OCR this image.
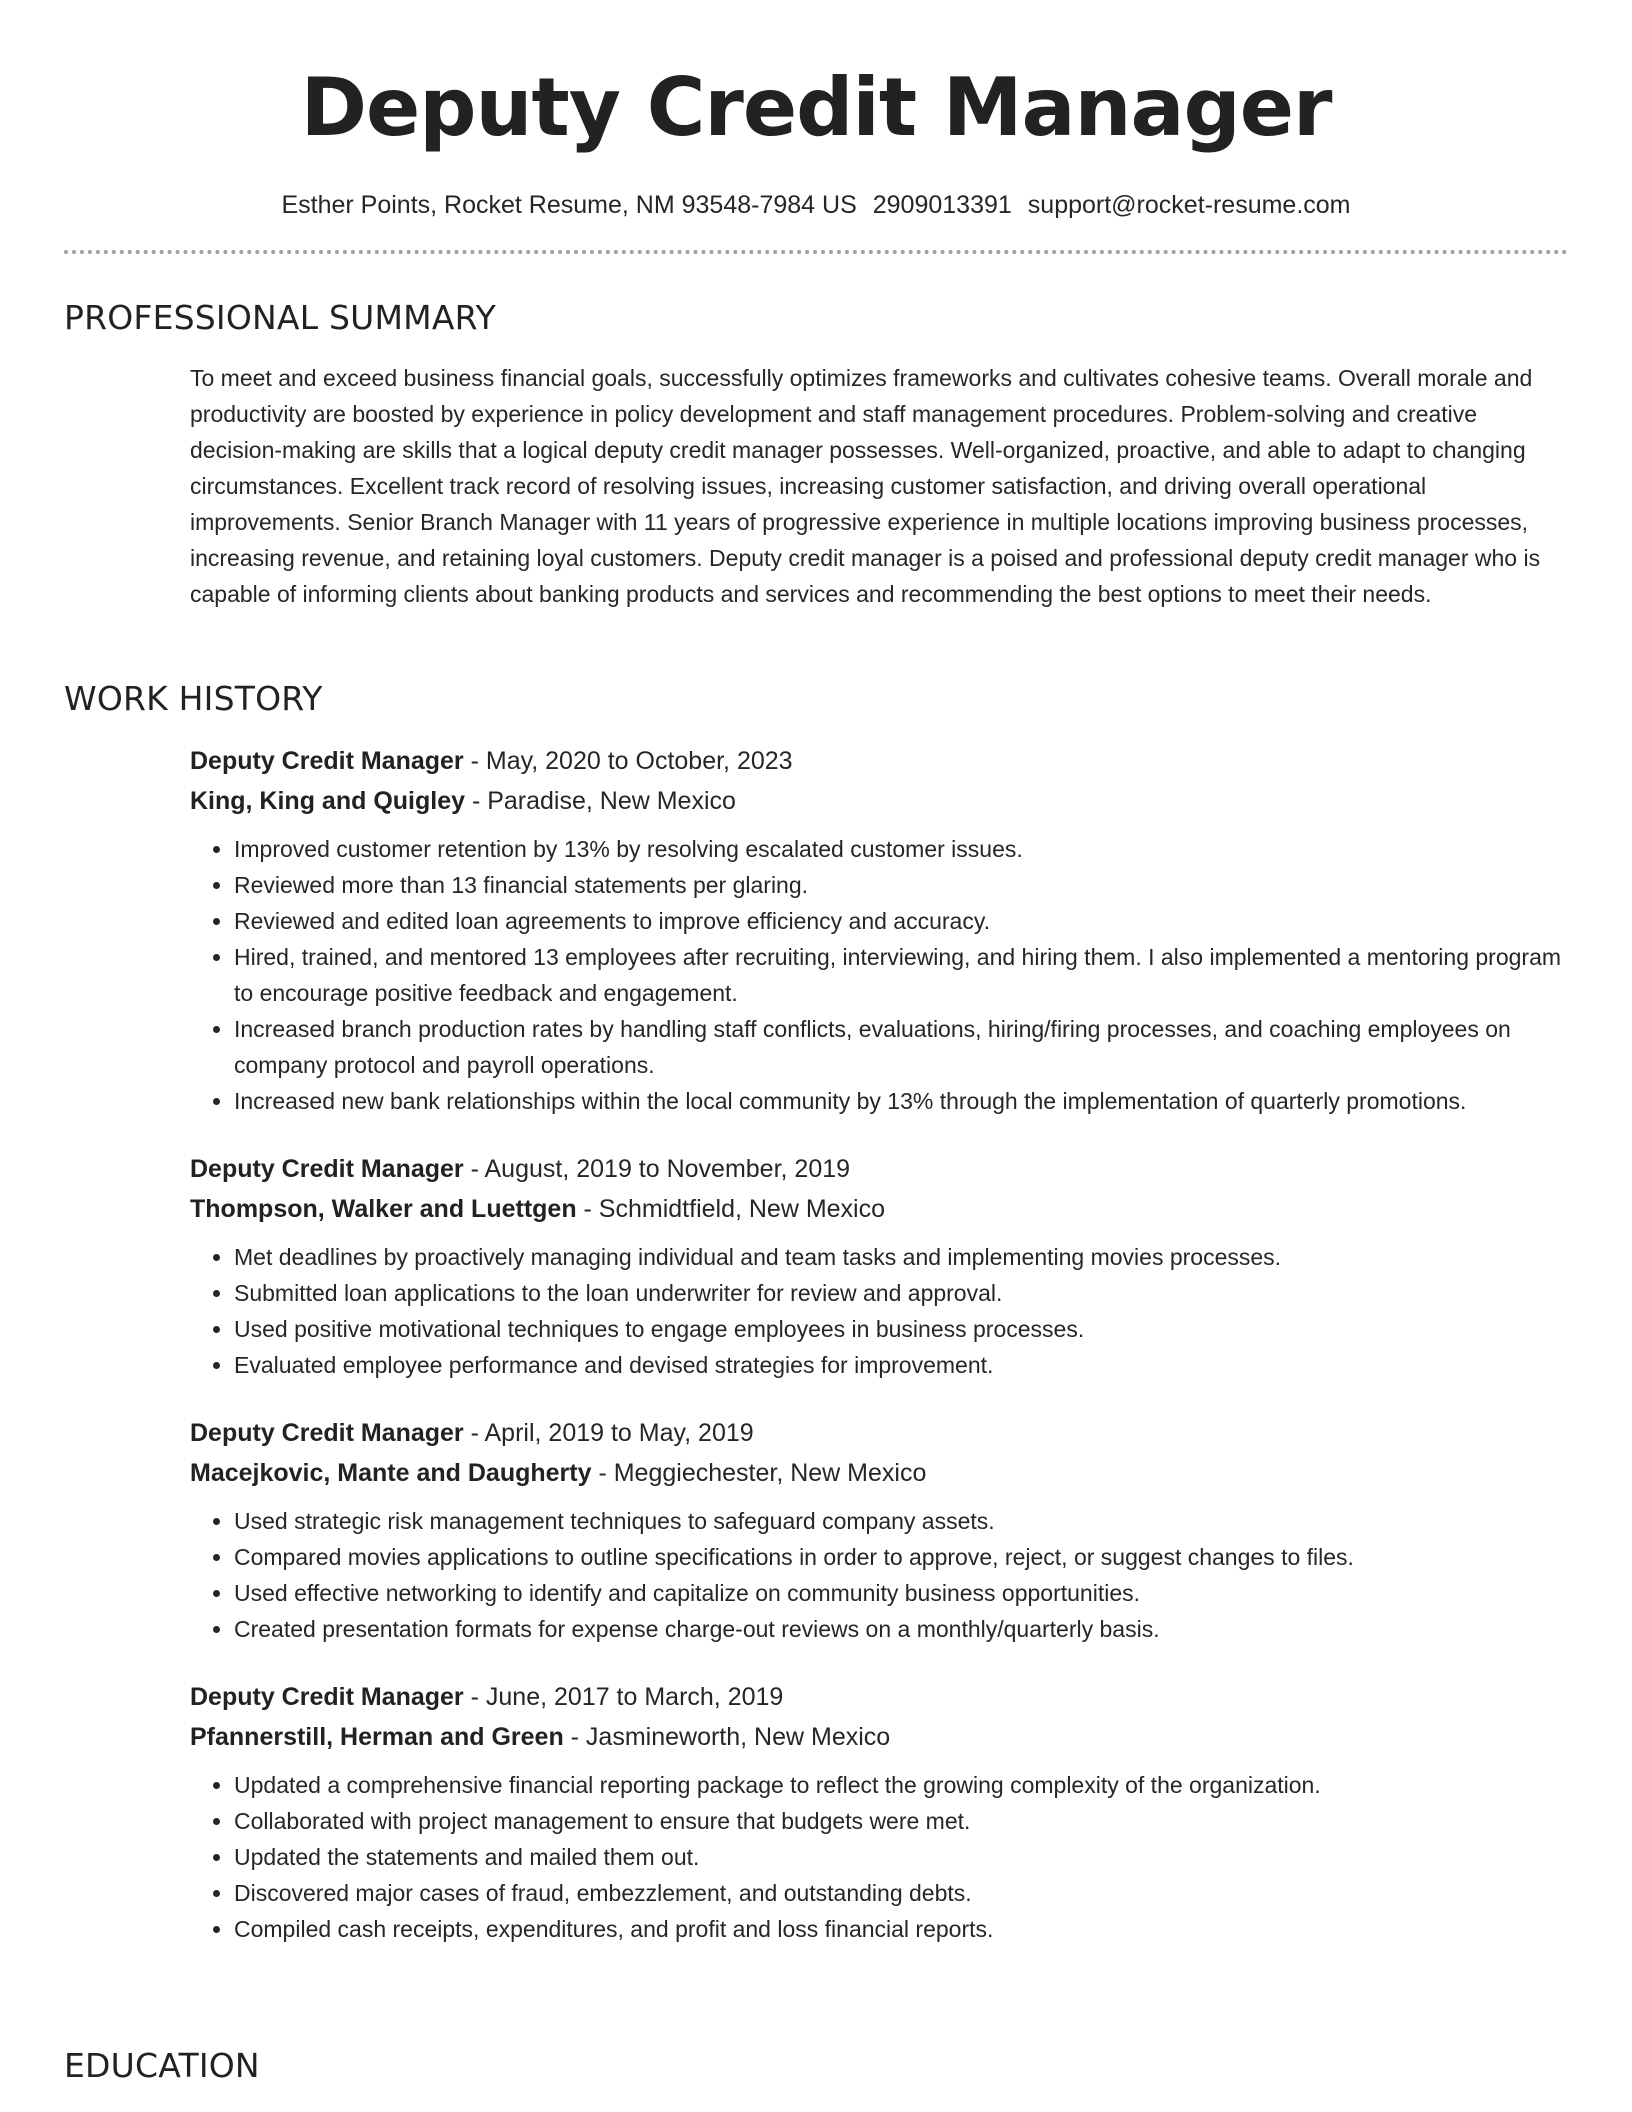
Deputy Credit Manager
Esther Points, Rocket Resume, NM 93548-7984 US 2909013391 support@rocket-resume.com
PROFESSIONAL SUMMARY
To meet and exceed business financial goals, successfully optimizes frameworks and cultivates cohesive teams. Overall morale and productivity are boosted by experience in policy development and staff management procedures. Problem-solving and creative decision-making are skills that a logical deputy credit manager possesses. Well-organized, proactive, and able to adapt to changing circumstances. Excellent track record of resolving issues, increasing customer satisfaction, and driving overall operational improvements. Senior Branch Manager with 11 years of progressive experience in multiple locations improving business processes, increasing revenue, and retaining loyal customers. Deputy credit manager is a poised and professional deputy credit manager who is capable of informing clients about banking products and services and recommending the best options to meet their needs.
WORK HISTORY
Deputy Credit Manager - May, 2020 to October, 2023
King, King and Quigley - Paradise, New Mexico
• Improved customer retention by 13% by resolving escalated customer issues.
• Reviewed more than 13 financial statements per glaring.
• Reviewed and edited loan agreements to improve efficiency and accuracy.
• Hired, trained, and mentored 13 employees after recruiting, interviewing, and hiring them. I also implemented a mentoring program to encourage positive feedback and engagement.
• Increased branch production rates by handling staff conflicts, evaluations, hiring/firing processes, and coaching employees on company protocol and payroll operations.
• Increased new bank relationships within the local community by 13% through the implementation of quarterly promotions.
Deputy Credit Manager - August, 2019 to November, 2019
Thompson, Walker and Luettgen - Schmidtfield, New Mexico
• Met deadlines by proactively managing individual and team tasks and implementing movies processes.
• Submitted loan applications to the loan underwriter for review and approval.
• Used positive motivational techniques to engage employees in business processes.
• Evaluated employee performance and devised strategies for improvement.
Deputy Credit Manager - April, 2019 to May, 2019
Macejkovic, Mante and Daugherty - Meggiechester, New Mexico
• Used strategic risk management techniques to safeguard company assets.
• Compared movies applications to outline specifications in order to approve, reject, or suggest changes to files.
• Used effective networking to identify and capitalize on community business opportunities.
• Created presentation formats for expense charge-out reviews on a monthly/quarterly basis.
Deputy Credit Manager - June, 2017 to March, 2019
Pfannerstill, Herman and Green - Jasmineworth, New Mexico
• Updated a comprehensive financial reporting package to reflect the growing complexity of the organization.
• Collaborated with project management to ensure that budgets were met.
• Updated the statements and mailed them out.
• Discovered major cases of fraud, embezzlement, and outstanding debts.
• Compiled cash receipts, expenditures, and profit and loss financial reports.
EDUCATION
